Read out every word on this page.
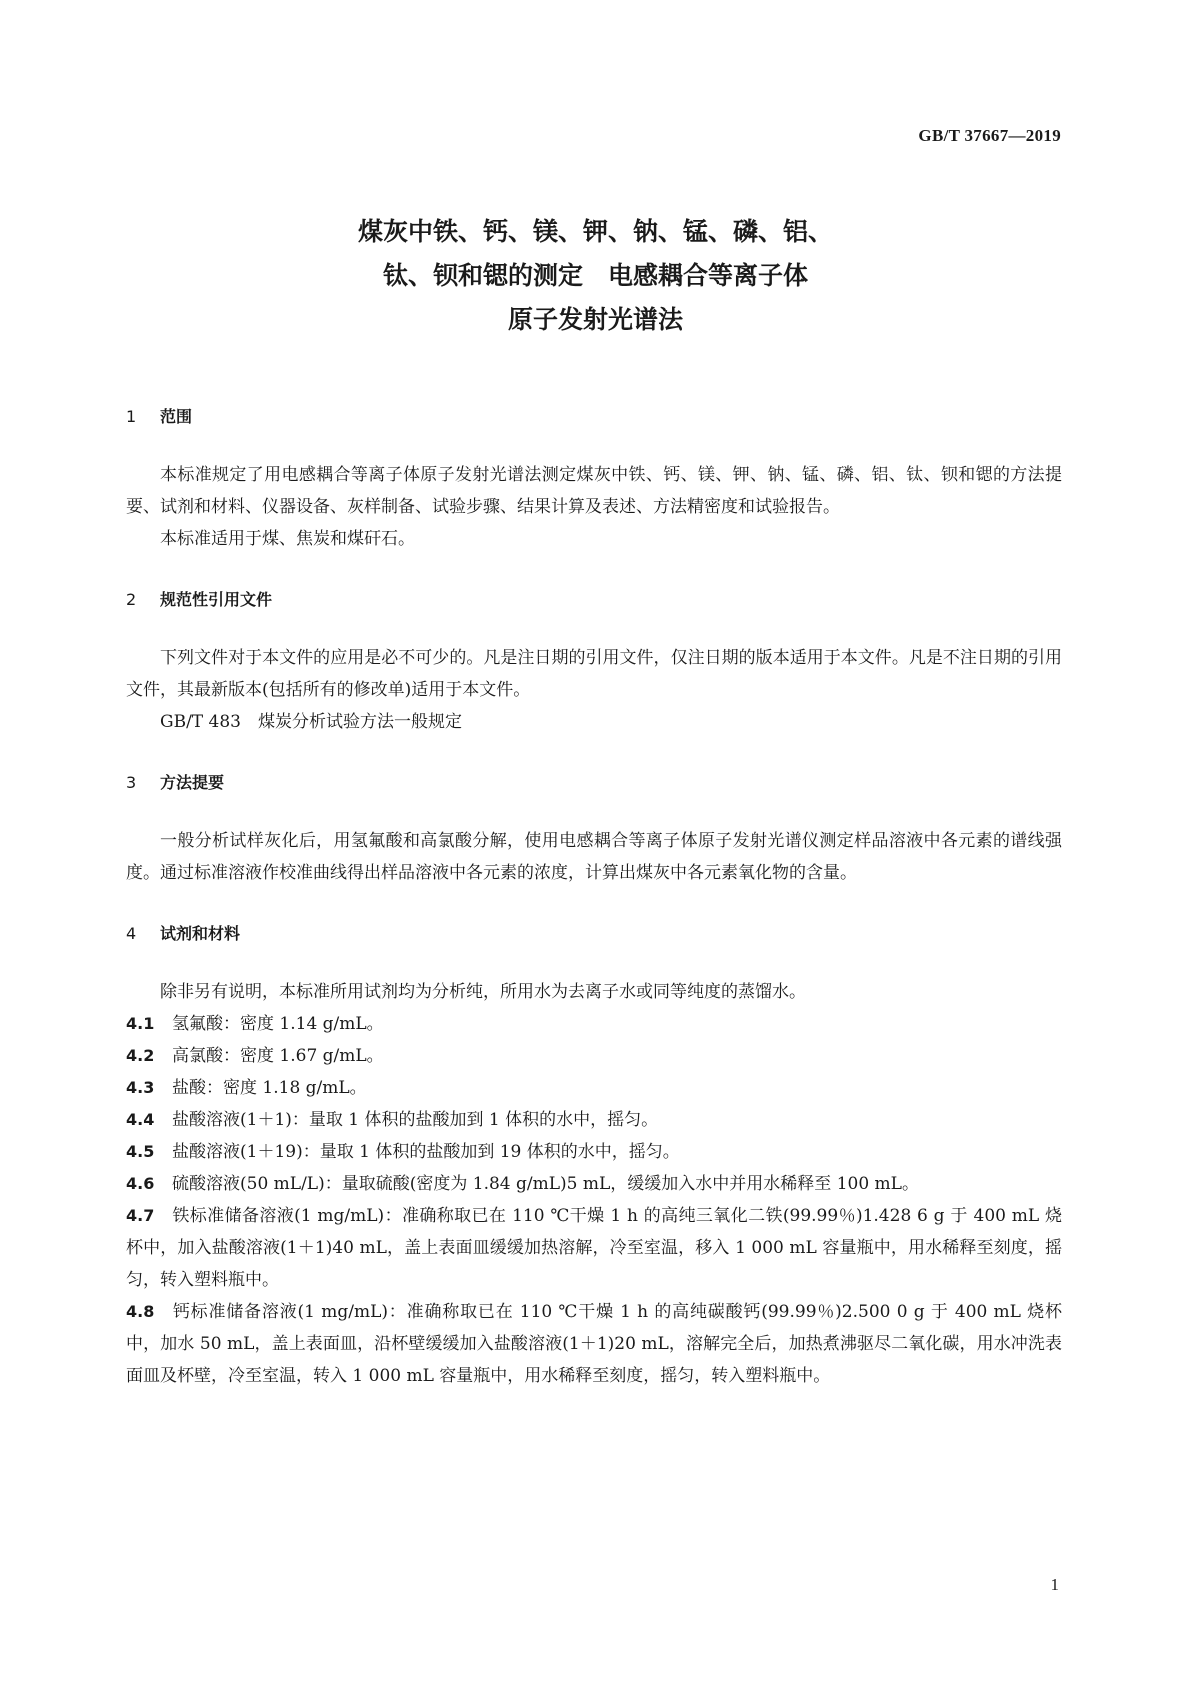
GB/T 37667—2019
煤灰中铁、钙、镁、钾、钠、锰、磷、铝、
钛、钡和锶的测定　电感耦合等离子体
原子发射光谱法

1 范围

本标准规定了用电感耦合等离子体原子发射光谱法测定煤灰中铁、钙、镁、钾、钠、锰、磷、铝、钛、钡和锶的方法提要、试剂和材料、仪器设备、灰样制备、试验步骤、结果计算及表述、方法精密度和试验报告。

本标准适用于煤、焦炭和煤矸石。

2 规范性引用文件

下列文件对于本文件的应用是必不可少的。凡是注日期的引用文件，仅注日期的版本适用于本文件。凡是不注日期的引用文件，其最新版本(包括所有的修改单)适用于本文件。

GB/T 483　煤炭分析试验方法一般规定

3 方法提要

一般分析试样灰化后，用氢氟酸和高氯酸分解，使用电感耦合等离子体原子发射光谱仪测定样品溶液中各元素的谱线强度。通过标准溶液作校准曲线得出样品溶液中各元素的浓度，计算出煤灰中各元素氧化物的含量。

4 试剂和材料

除非另有说明，本标准所用试剂均为分析纯，所用水为去离子水或同等纯度的蒸馏水。

4.1 氢氟酸：密度 1.14 g/mL。

4.2 高氯酸：密度 1.67 g/mL。

4.3 盐酸：密度 1.18 g/mL。

4.4 盐酸溶液(1＋1)：量取 1 体积的盐酸加到 1 体积的水中，摇匀。

4.5 盐酸溶液(1＋19)：量取 1 体积的盐酸加到 19 体积的水中，摇匀。

4.6 硫酸溶液(50 mL/L)：量取硫酸(密度为 1.84 g/mL)5 mL，缓缓加入水中并用水稀释至 100 mL。

4.7 铁标准储备溶液(1 mg/mL)：准确称取已在 110 ℃干燥 1 h 的高纯三氧化二铁(99.99％)1.428 6 g 于 400 mL 烧杯中，加入盐酸溶液(1＋1)40 mL，盖上表面皿缓缓加热溶解，冷至室温，移入 1 000 mL 容量瓶中，用水稀释至刻度，摇匀，转入塑料瓶中。

4.8 钙标准储备溶液(1 mg/mL)：准确称取已在 110 ℃干燥 1 h 的高纯碳酸钙(99.99％)2.500 0 g 于 400 mL 烧杯中，加水 50 mL，盖上表面皿，沿杯壁缓缓加入盐酸溶液(1＋1)20 mL，溶解完全后，加热煮沸驱尽二氧化碳，用水冲洗表面皿及杯壁，冷至室温，转入 1 000 mL 容量瓶中，用水稀释至刻度，摇匀，转入塑料瓶中。

1
